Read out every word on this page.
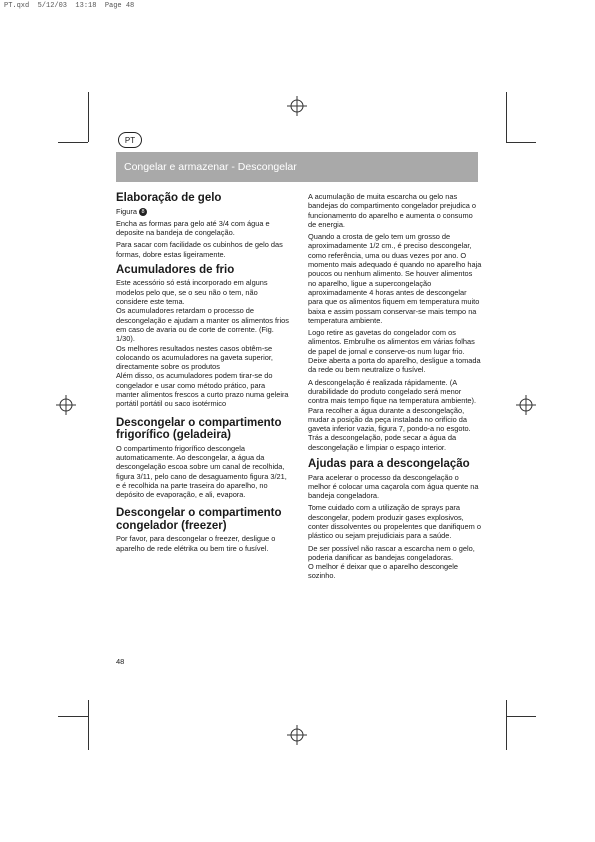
PT.qxd  5/12/03  13:18  Page 48
PT
Congelar e armazenar - Descongelar
Elaboração de gelo

Figura 8

Encha as formas para gelo até 3/4 com água e deposite na bandeja de congelação.

Para sacar com facilidade os cubinhos de gelo das formas, dobre estas ligeiramente.

Acumuladores de frio

Este acessório só está incorporado em alguns modelos pelo que, se o seu não o tem, não considere este tema.

Os acumuladores retardam o processo de descongelação e ajudam a manter os alimentos frios em caso de avaria ou de corte de corrente. (Fig. 1/30).

Os melhores resultados nestes casos obtêm-se colocando os acumuladores na gaveta superior, directamente sobre os produtos

Além disso, os acumuladores podem tirar-se do congelador e usar como método prático, para manter alimentos frescos a curto prazo numa geleira portátil portátil ou saco isotérmico

Descongelar o compartimento frigorífico (geladeira)

O compartimento frigorífico descongela automaticamente. Ao descongelar, a água da descongelação escoa sobre um canal de recolhida, figura 3/11, pelo cano de desaguamento figura 3/21, e é recolhida na parte traseira do aparelho, no depósito de evaporação, e ali, evapora.

Descongelar o compartimento congelador (freezer)

Por favor, para descongelar o freezer, desligue o aparelho de rede elétrika ou bem tire o fusível.

A acumulação de muita escarcha ou gelo nas bandejas do compartimento congelador prejudica o funcionamento do aparelho e aumenta o consumo de energia.

Quando a crosta de gelo tem um grosso de aproximadamente 1/2 cm., é preciso descongelar, como referência, uma ou duas vezes por ano. O momento mais adequado é quando no aparelho haja poucos ou nenhum alimento. Se houver alimentos no aparelho, ligue a supercongelação aproximadamente 4 horas antes de descongelar para que os alimentos fiquem em temperatura muito baixa e assim possam conservar-se mais tempo na temperatura ambiente.

Logo retire as gavetas do congelador com os alimentos. Embrulhe os alimentos em várias folhas de papel de jornal e conserve-os num lugar frio. Deixe aberta a porta do aparelho, desligue a tomada da rede ou bem neutralize o fusível.

A descongelação é realizada rápidamente. (A durabilidade do produto congelado será menor contra mais tempo fique na temperatura ambiente). Para recolher a água durante a descongelação, mudar a posição da peça instalada no orifício da gaveta inferior vazia, figura 7, pondo-a no esgoto. Trás a descongelação, pode secar a água da descongelação e limpiar o espaço interior.

Ajudas para a descongelação

Para acelerar o processo da descongelação o melhor é colocar uma caçarola com água quente na bandeja congeladora.

Tome cuidado com a utilização de sprays para descongelar, podem produzir gases explosivos, conter dissolventes ou propelentes que danifiquem o plástico ou sejam prejudiciais para a saúde.

De ser possível não rascar a escarcha nem o gelo, poderia danificar as bandejas congeladoras.

O melhor é deixar que o aparelho descongele sozinho.

48
